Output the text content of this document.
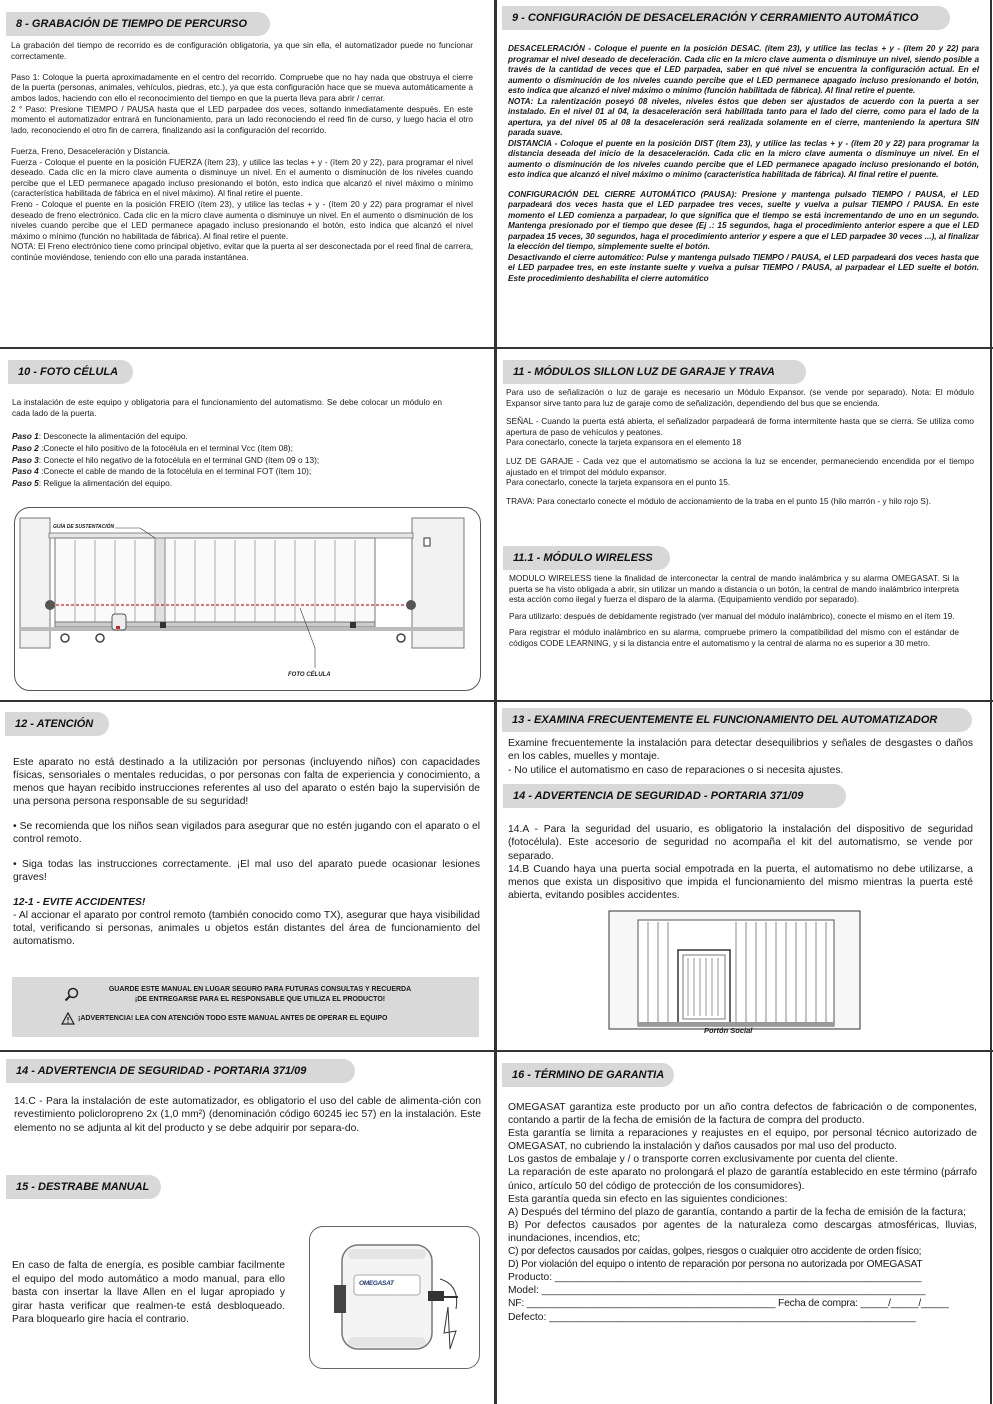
8 - GRABACIÓN DE TIEMPO DE PERCURSO
La grabación del tiempo de recorrido es de configuración obligatoria, ya que sin ella, el automatizador puede no funcionar correctamente.
Paso 1: Coloque la puerta aproximadamente en el centro del recorrido. Compruebe que no hay nada que obstruya el cierre de la puerta (personas, animales, vehículos, piedras, etc.), ya que esta configuración hace que se mueva automáticamente a ambos lados, haciendo con ello el reconocimiento del tiempo en que la puerta lleva para abrir / cerrar.
2 ° Paso: Presione TIEMPO / PAUSA hasta que el LED parpadee dos veces, soltando inmediatamente después. En este momento el automatizador entrará en funcionamiento, para un lado reconociendo el reed fin de curso, y luego hacia el otro lado, reconociendo el otro fin de carrera, finalizando así la configuración del recorrido.
Fuerza, Freno, Desaceleración y Distancia.
Fuerza - Coloque el puente en la posición FUERZA (ítem 23), y utilice las teclas + y - (ítem 20 y 22), para programar el nivel deseado. Cada clic en la micro clave aumenta o disminuye un nivel. En el aumento o disminución de los niveles cuando percibe que el LED permanece apagado incluso presionando el botón, esto indica que alcanzó el nivel máximo o mínimo (característica habilitada de fábrica en el nivel máximo). Al final retire el puente.
Freno - Coloque el puente en la posición FREIO (ítem 23), y utilice las teclas + y - (ítem 20 y 22) para programar el nivel deseado de freno electrónico. Cada clic en la micro clave aumenta o disminuye un nivel. En el aumento o disminución de los niveles cuando percibe que el LED permanece apagado incluso presionando el botón, esto indica que alcanzó el nivel máximo o mínimo (función no habilitada de fábrica). Al final retire el puente.
NOTA: El Freno electrónico tiene como principal objetivo, evitar que la puerta al ser desconectada por el reed final de carrera, continúe moviéndose, teniendo con ello una parada instantánea.
9 - CONFIGURACIÓN DE DESACELERACIÓN Y CERRAMIENTO AUTOMÁTICO
DESACELERACIÓN - Coloque el puente en la posición DESAC. (ítem 23), y utilice las teclas + y - (ítem 20 y 22) para programar el nivel deseado de deceleración. Cada clic en la micro clave aumenta o disminuye un nivel, siendo posible a través de la cantidad de veces que el LED parpadea, saber en qué nivel se encuentra la configuración actual. En el aumento o disminución de los niveles cuando percibe que el LED permanece apagado incluso presionando el botón, esto indica que alcanzó el nivel máximo o mínimo (función habilitada de fábrica). Al final retire el puente.
NOTA: La ralentización poseyó 08 niveles, niveles éstos que deben ser ajustados de acuerdo con la puerta a ser instalado. En el nivel 01 al 04, la desaceleración será habilitada tanto para el lado del cierre, como para el lado de la apertura, ya del nivel 05 al 08 la desaceleración será realizada solamente en el cierre, manteniendo la apertura SIN parada suave.
DISTANCIA - Coloque el puente en la posición DIST (ítem 23), y utilice las teclas + y - (ítem 20 y 22) para programar la distancia deseada del inicio de la desaceleración. Cada clic en la micro clave aumenta o disminuye un nivel. En el aumento o disminución de los niveles cuando percibe que el LED permanece apagado incluso presionando el botón, esto indica que alcanzó el nivel máximo o mínimo (característica habilitada de fábrica). Al final retire el puente.
CONFIGURACIÓN DEL CIERRE AUTOMÁTICO (PAUSA): Presione y mantenga pulsado TIEMPO / PAUSA, el LED parpadeará dos veces hasta que el LED parpadee tres veces, suelte y vuelva a pulsar TIEMPO / PAUSA. En este momento el LED comienza a parpadear, lo que significa que el tiempo se está incrementando de uno en un segundo. Mantenga presionado por el tiempo que desee (Ej .: 15 segundos, haga el procedimiento anterior espere a que el LED parpadea 15 veces, 30 segundos, haga el procedimiento anterior y espere a que el LED parpadee 30 veces ...), al finalizar la elección del tiempo, simplemente suelte el botón.
Desactivando el cierre automático: Pulse y mantenga pulsado TIEMPO / PAUSA, el LED parpadeará dos veces hasta que el LED parpadee tres, en este instante suelte y vuelva a pulsar TIEMPO / PAUSA, al parpadear el LED suelte el botón. Este procedimiento deshabilita el cierre automático
10 - FOTO CÉLULA
La instalación de este equipo y obligatoria para el funcionamiento del automatismo. Se debe colocar un módulo en cada lado de la puerta.
Paso 1: Desconecte la alimentación del equipo.
Paso 2 :Conecte el hilo positivo de la fotocélula en el terminal Vcc (ítem 08);
Paso 3: Conecte el hilo negativo de la fotocélula en el terminal GND (ítem 09 o 13);
Paso 4 :Conecte el cable de mando de la fotocélula en el terminal FOT (ítem 10);
Paso 5: Religue la alimentación del equipo.
GUÍA DE SUSTENTACIÓN
FOTO CÉLULA
11 - MÓDULOS SILLON LUZ DE GARAJE Y TRAVA
Para uso de señalización o luz de garaje es necesario un Módulo Expansor. (se vende por separado). Nota: El módulo Expansor sirve tanto para luz de garaje como de señalización, dependiendo del bus que se encienda.
SEÑAL - Cuando la puerta está abierta, el señalizador parpadeará de forma intermitente hasta que se cierra. Se utiliza como apertura de paso de vehículos y peatones.
Para conectarlo, conecte la tarjeta expansora en el elemento 18
LUZ DE GARAJE - Cada vez que el automatismo se acciona la luz se encender, permaneciendo encendida por el tiempo ajustado en el trimpot del módulo expansor.
Para conectarlo, conecte la tarjeta expansora en el punto 15.
TRAVA: Para conectarlo conecte el módulo de accionamiento de la traba en el punto 15 (hilo marrón - y hilo rojo S).
11.1 - MÓDULO WIRELESS
MODULO WIRELESS tiene la finalidad de interconectar la central de mando inalámbrica y su alarma OMEGASAT. Si la puerta se ha visto obligada a abrir, sin utilizar un mando a distancia o un botón, la central de mando inalámbrico interpreta esta acción como ilegal y fuerza el disparo de la alarma. (Equipamiento vendido por separado).
Para utilizarlo: después de debidamente registrado (ver manual del módulo inalámbrico), conecte el mismo en el ítem 19.
Para registrar el módulo inalámbrico en su alarma, compruebe primero la compatibilidad del mismo con el estándar de códigos CODE LEARNING, y si la distancia entre el automatismo y la central de alarma no es superior a 30 metro.
12 - ATENCIÓN
Este aparato no está destinado a la utilización por personas (incluyendo niños) con capacidades físicas, sensoriales o mentales reducidas, o por personas con falta de experiencia y conocimiento, a menos que hayan recibido instrucciones referentes al uso del aparato o estén bajo la supervisión de una persona persona responsable de su seguridad!
• Se recomienda que los niños sean vigilados para asegurar que no estén jugando con el aparato o el control remoto.
• Siga todas las instrucciones correctamente. ¡El mal uso del aparato puede ocasionar lesiones graves!
12-1 - EVITE ACCIDENTES!
- Al accionar el aparato por control remoto (también conocido como TX), asegurar que haya visibilidad total, verificando si personas, animales u objetos están distantes del área de funcionamiento del automatismo.
GUARDE ESTE MANUAL EN LUGAR SEGURO PARA FUTURAS CONSULTAS Y RECUERDA
¡DE ENTREGARSE PARA EL RESPONSABLE QUE UTILIZA EL PRODUCTO!
¡ADVERTENCIA! LEA CON ATENCIÓN TODO ESTE MANUAL ANTES DE OPERAR EL EQUIPO
13 - EXAMINA FRECUENTEMENTE EL FUNCIONAMIENTO DEL AUTOMATIZADOR
Examine frecuentemente la instalación para detectar desequilibrios y señales de desgastes o daños en los cables, muelles y montaje.
- No utilice el automatismo en caso de reparaciones o si necesita ajustes.
14 - ADVERTENCIA DE SEGURIDAD - PORTARIA 371/09
14.A - Para la seguridad del usuario, es obligatorio la instalación del dispositivo de seguridad (fotocélula). Este accesorio de seguridad no acompaña el kit del automatismo, se vende por separado.
14.B Cuando haya una puerta social empotrada en la puerta, el automatismo no debe utilizarse, a menos que exista un dispositivo que impida el funcionamiento del mismo mientras la puerta esté abierta, evitando posibles accidentes.
Portón Social
14 - ADVERTENCIA DE SEGURIDAD - PORTARIA 371/09
14.C - Para la instalación de este automatizador, es obligatorio el uso del cable de alimenta-ción con revestimiento policloropreno 2x (1,0 mm²) (denominación código 60245 iec 57) en la instalación. Este elemento no se adjunta al kit del producto y se debe adquirir por separa-do.
15 - DESTRABE MANUAL
En caso de falta de energía, es posible cambiar facilmente el equipo del modo automático a modo manual, para ello basta con insertar la llave Allen en el lugar apropiado y girar hasta verificar que realmen-te está desbloqueado. Para bloquearlo gire hacia el contrario.
OMEGASAT
16 - TÉRMINO DE GARANTIA
OMEGASAT garantiza este producto por un año contra defectos de fabricación o de componentes, contando a partir de la fecha de emisión de la factura de compra del producto.
Esta garantía se limita a reparaciones y reajustes en el equipo, por personal técnico autorizado de OMEGASAT, no cubriendo la instalación y daños causados por mal uso del producto.
Los gastos de embalaje y / o transporte corren exclusivamente por cuenta del cliente.
La reparación de este aparato no prolongará el plazo de garantía establecido en este término (párrafo único, artículo 50 del código de protección de los consumidores).
Esta garantía queda sin efecto en las siguientes condiciones:
A) Después del término del plazo de garantía, contando a partir de la fecha de emisión de la factura;
B) Por defectos causados por agentes de la naturaleza como descargas atmosféricas, lluvias, inundaciones, incendios, etc;
C) por defectos causados por caídas, golpes, riesgos o cualquier otro accidente de orden físico;
D) Por violación del equipo o intento de reparación por persona no autorizada por OMEGASAT
Producto: ________________________________________________________________
Model: ___________________________________________________________________
NF: _____________________________________________ Fecha de compra: _____/_____/_____
Defecto: ________________________________________________________________
